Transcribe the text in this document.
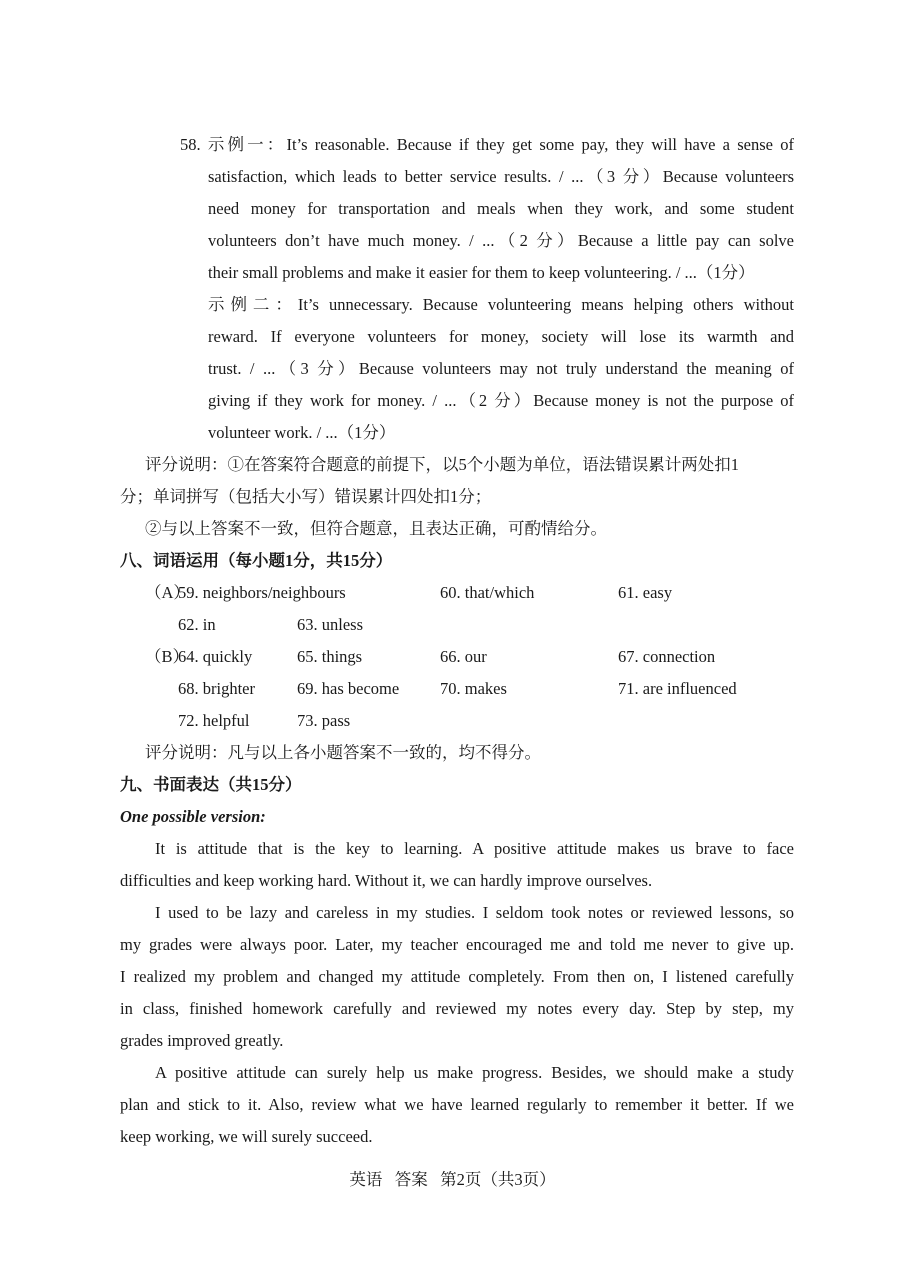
58. 示例一：It’s reasonable. Because if they get some pay, they will have a sense of
satisfaction, which leads to better service results. / ...（3 分）Because volunteers
need money for transportation and meals when they work, and some student
volunteers don’t have much money. / ...（2 分）Because a little pay can solve
their small problems and make it easier for them to keep volunteering. / ...（1分）
示例二：It’s unnecessary. Because volunteering means helping others without
reward. If everyone volunteers for money, society will lose its warmth and
trust. / ...（3 分）Because volunteers may not truly understand the meaning of
giving if they work for money. / ...（2 分）Because money is not the purpose of
volunteer work. / ...（1分）
评分说明：①在答案符合题意的前提下，以5个小题为单位，语法错误累计两处扣1
分；单词拼写（包括大小写）错误累计四处扣1分；
②与以上答案不一致，但符合题意，且表达正确，可酌情给分。
八、词语运用（每小题1分，共15分）
（A）
59. neighbors/neighbours	60. that/which	61. easy
62. in	63. unless
（B）
64. quickly	65. things	66. our	67. connection
68. brighter	69. has become 70. makes	71. are influenced
72. helpful	73. pass
评分说明：凡与以上各小题答案不一致的，均不得分。
九、书面表达（共15分）
One possible version:
It is attitude that is the key to learning. A positive attitude makes us brave to face
difficulties and keep working hard. Without it, we can hardly improve ourselves.
I used to be lazy and careless in my studies. I seldom took notes or reviewed lessons, so
my grades were always poor. Later, my teacher encouraged me and told me never to give up.
I realized my problem and changed my attitude completely. From then on, I listened carefully
in class, finished homework carefully and reviewed my notes every day. Step by step, my
grades improved greatly.
A positive attitude can surely help us make progress. Besides, we should make a study
plan and stick to it. Also, review what we have learned regularly to remember it better. If we
keep working, we will surely succeed.
英语   答案   第2页（共3页）
